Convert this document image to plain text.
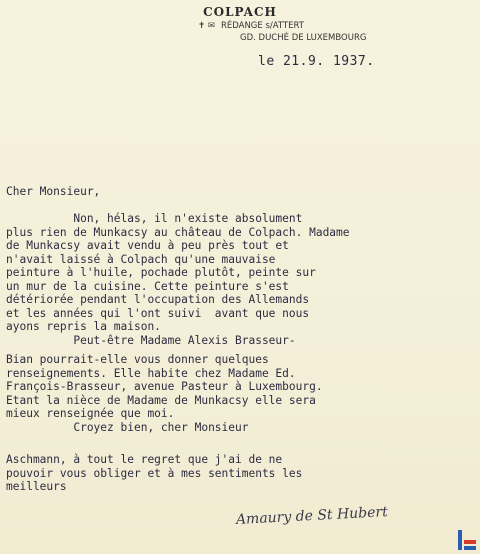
COLPACH
✝ ✉ RÉDANGE s/ATTERT
GD. DUCHÉ DE LUXEMBOURG
le 21.9. 1937.
Cher Monsieur,
Non, hélas, il n'existe absolument
plus rien de Munkacsy au château de Colpach. Madame
de Munkacsy avait vendu à peu près tout et
n'avait laissé à Colpach qu'une mauvaise
peinture à l'huile, pochade plutôt, peinte sur
un mur de la cuisine. Cette peinture s'est
détériorée pendant l'occupation des Allemands
et les années qui l'ont suivi  avant que nous
ayons repris la maison.
Peut-être Madame Alexis Brasseur-
Bian pourrait-elle vous donner quelques
renseignements. Elle habite chez Madame Ed.
François-Brasseur, avenue Pasteur à Luxembourg.
Etant la nièce de Madame de Munkacsy elle sera
mieux renseignée que moi.
Croyez bien, cher Monsieur
Aschmann, à tout le regret que j'ai de ne
pouvoir vous obliger et à mes sentiments les
meilleurs
Amaury de St Hubert
